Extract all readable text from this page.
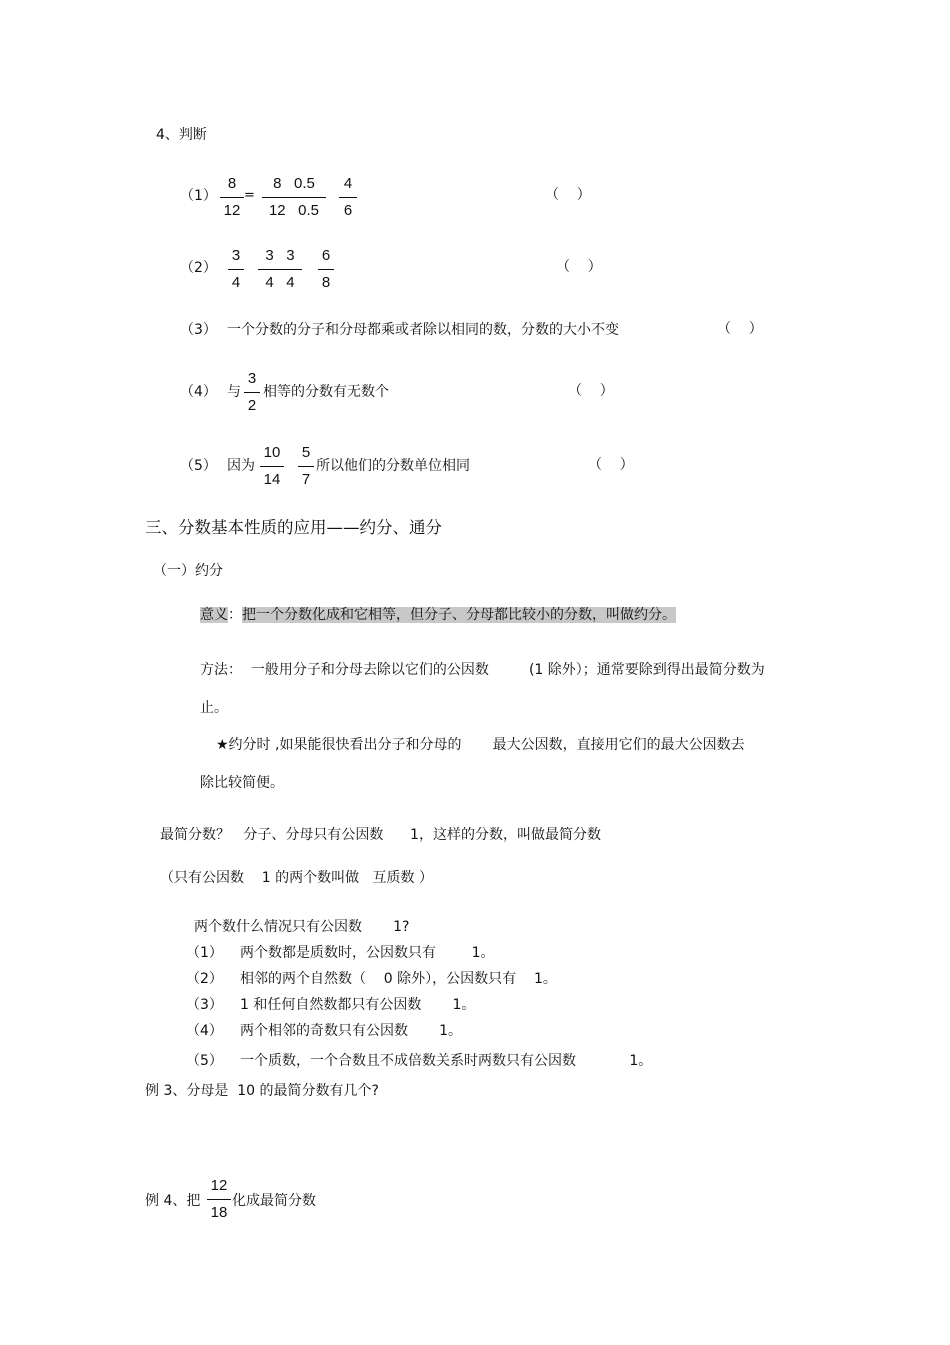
4、判断
（1）
8
12
=
8   0.5
12   0.5
4
6
（    ）
（2）
3
4
3   3
4   4
6
8
（    ）
（3） 一个分数的分子和分母都乘或者除以相同的数，分数的大小不变	（    ）
（4） 与
3
2
相等的分数有无数个	（    ）
（5） 因为
10
14
5
7
所以他们的分数单位相同	（    ）
三、分数基本性质的应用——约分、通分
（一）约分
意义：把一个分数化成和它相等，但分子、分母都比较小的分数，叫做约分。
方法：  一般用分子和分母去除以它们的公因数         (1 除外）；通常要除到得出最简分数为
止。
★约分时 ,如果能很快看出分子和分母的       最大公因数，直接用它们的最大公因数去
除比较简便。
最简分数？   分子、分母只有公因数      1，这样的分数，叫做最简分数
（只有公因数    1 的两个数叫做   互质数 ）
两个数什么情况只有公因数       1?
（1） 两个数都是质数时，公因数只有        1。
（2） 相邻的两个自然数（    0 除外），公因数只有    1。
（3） 1 和任何自然数都只有公因数       1。
（4） 两个相邻的奇数只有公因数       1。
（5） 一个质数，一个合数且不成倍数关系时两数只有公因数            1。
例 3、分母是  10 的最简分数有几个?
例 4、把
12
18
化成最简分数
